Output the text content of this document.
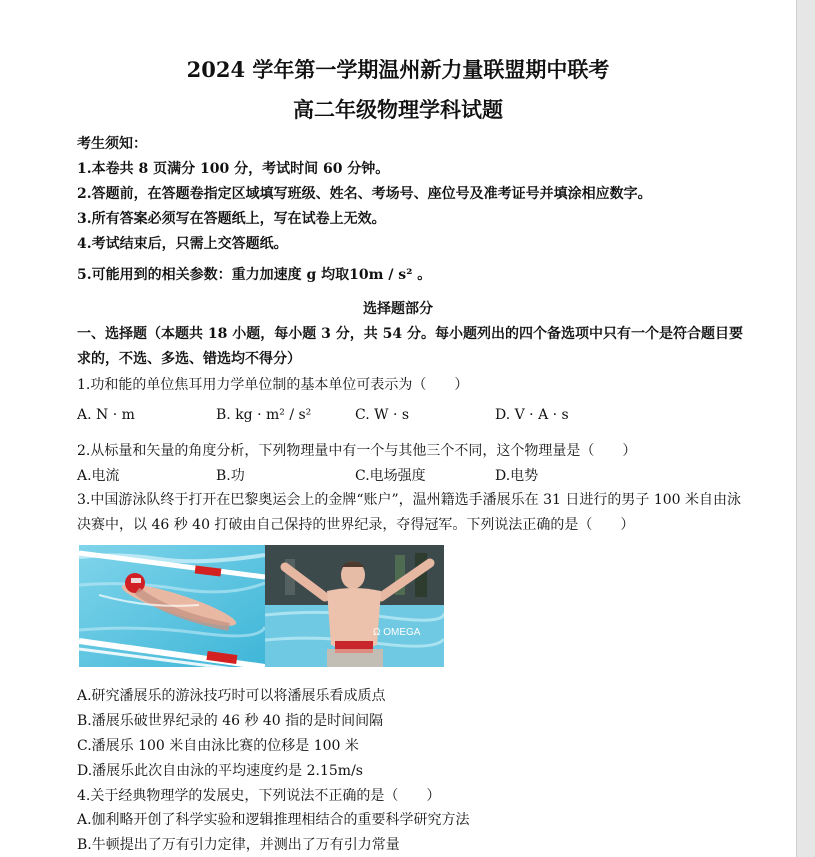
2024 学年第一学期温州新力量联盟期中联考
高二年级物理学科试题
考生须知：
1.本卷共 8 页满分 100 分，考试时间 60 分钟。
2.答题前，在答题卷指定区域填写班级、姓名、考场号、座位号及准考证号并填涂相应数字。
3.所有答案必须写在答题纸上，写在试卷上无效。
4.考试结束后，只需上交答题纸。
5.可能用到的相关参数：重力加速度 g 均取10m / s² 。
选择题部分
一、选择题（本题共 18 小题，每小题 3 分，共 54 分。每小题列出的四个备选项中只有一个是符合题目要
求的，不选、多选、错选均不得分）
1.功和能的单位焦耳用力学单位制的基本单位可表示为（　　）
A. N · m	B. kg · m² / s²	C. W · s	D. V · A · s
2.从标量和矢量的角度分析，下列物理量中有一个与其他三个不同，这个物理量是（　　）
A.电流	B.功	C.电场强度	D.电势
3.中国游泳队终于打开在巴黎奥运会上的金牌“账户”，温州籍选手潘展乐在 31 日进行的男子 100 米自由泳
决赛中，以 46 秒 40 打破由自己保持的世界纪录，夺得冠军。下列说法正确的是（　　）
Ω OMEGA
A.研究潘展乐的游泳技巧时可以将潘展乐看成质点
B.潘展乐破世界纪录的 46 秒 40 指的是时间间隔
C.潘展乐 100 米自由泳比赛的位移是 100 米
D.潘展乐此次自由泳的平均速度约是 2.15m/s
4.关于经典物理学的发展史，下列说法不正确的是（　　）
A.伽利略开创了科学实验和逻辑推理相结合的重要科学研究方法
B.牛顿提出了万有引力定律，并测出了万有引力常量
